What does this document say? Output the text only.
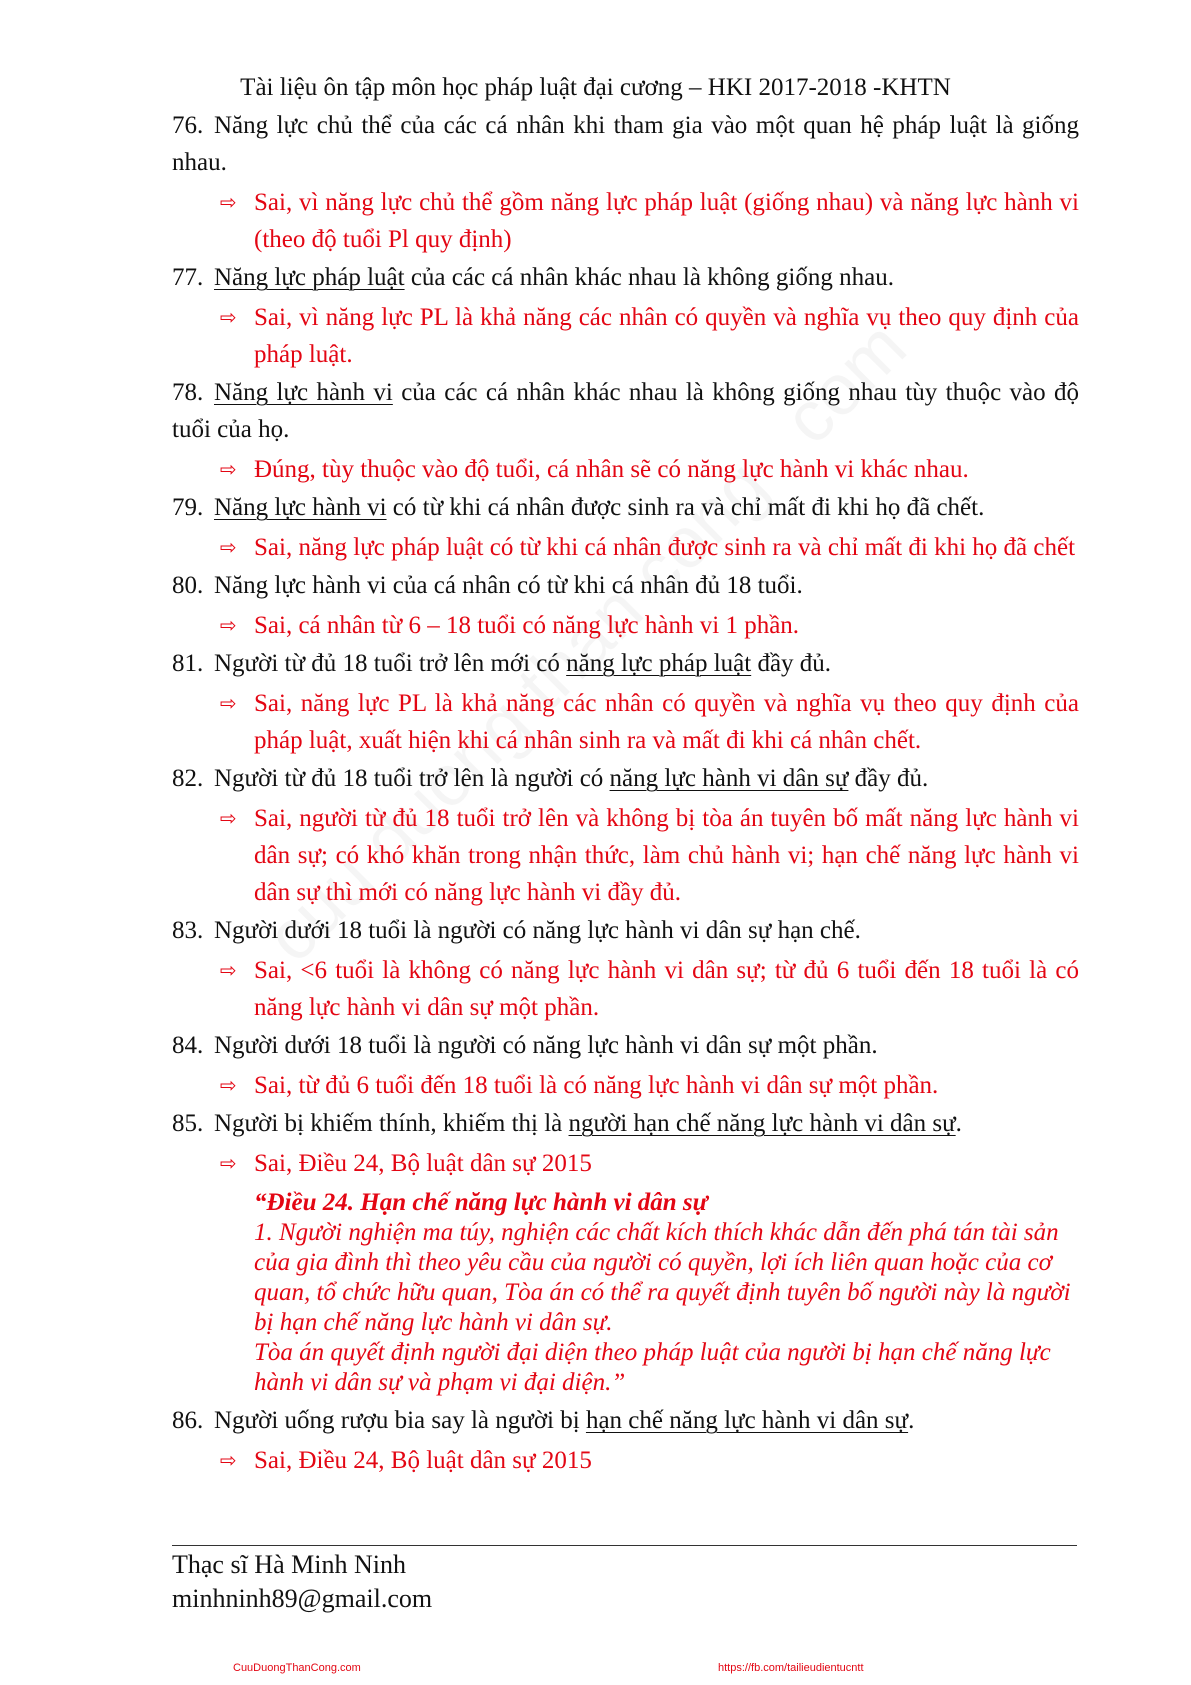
Tài liệu ôn tập môn học pháp luật đại cương – HKI 2017-2018 -KHTN

76. Năng lực chủ thể của các cá nhân khi tham gia vào một quan hệ pháp luật là giống nhau.

⇨ Sai, vì năng lực chủ thể gồm năng lực pháp luật (giống nhau) và năng lực hành vi (theo độ tuổi Pl quy định)

77. Năng lực pháp luật của các cá nhân khác nhau là không giống nhau.

⇨ Sai, vì năng lực PL là khả năng các nhân có quyền và nghĩa vụ theo quy định của pháp luật.

78. Năng lực hành vi của các cá nhân khác nhau là không giống nhau tùy thuộc vào độ tuổi của họ.

⇨ Đúng, tùy thuộc vào độ tuổi, cá nhân sẽ có năng lực hành vi khác nhau.

79. Năng lực hành vi có từ khi cá nhân được sinh ra và chỉ mất đi khi họ đã chết.

⇨ Sai, năng lực pháp luật có từ khi cá nhân được sinh ra và chỉ mất đi khi họ đã chết

80. Năng lực hành vi của cá nhân có từ khi cá nhân đủ 18 tuổi.

⇨ Sai, cá nhân từ 6 – 18 tuổi có năng lực hành vi 1 phần.

81. Người từ đủ 18 tuổi trở lên mới có năng lực pháp luật đầy đủ.

⇨ Sai, năng lực PL là khả năng các nhân có quyền và nghĩa vụ theo quy định của pháp luật, xuất hiện khi cá nhân sinh ra và mất đi khi cá nhân chết.

82. Người từ đủ 18 tuổi trở lên là người có năng lực hành vi dân sự đầy đủ.

⇨ Sai, người từ đủ 18 tuổi trở lên và không bị tòa án tuyên bố mất năng lực hành vi dân sự; có khó khăn trong nhận thức, làm chủ hành vi; hạn chế năng lực hành vi dân sự thì mới có năng lực hành vi đầy đủ.

83. Người dưới 18 tuổi là người có năng lực hành vi dân sự hạn chế.

⇨ Sai, <6 tuổi là không có năng lực hành vi dân sự; từ đủ 6 tuổi đến 18 tuổi là có năng lực hành vi dân sự một phần.

84. Người dưới 18 tuổi là người có năng lực hành vi dân sự một phần.

⇨ Sai, từ đủ 6 tuổi đến 18 tuổi là có năng lực hành vi dân sự một phần.

85. Người bị khiếm thính, khiếm thị là người hạn chế năng lực hành vi dân sự.

⇨ Sai, Điều 24, Bộ luật dân sự 2015
“Điều 24. Hạn chế năng lực hành vi dân sự
1. Người nghiện ma túy, nghiện các chất kích thích khác dẫn đến phá tán tài sản của gia đình thì theo yêu cầu của người có quyền, lợi ích liên quan hoặc của cơ quan, tổ chức hữu quan, Tòa án có thể ra quyết định tuyên bố người này là người bị hạn chế năng lực hành vi dân sự.
Tòa án quyết định người đại diện theo pháp luật của người bị hạn chế năng lực hành vi dân sự và phạm vi đại diện.”

86. Người uống rượu bia say là người bị hạn chế năng lực hành vi dân sự.

⇨ Sai, Điều 24, Bộ luật dân sự 2015
Thạc sĩ Hà Minh Ninh
minhninh89@gmail.com
CuuDuongThanCong.com	https://fb.com/tailieudientucntt
